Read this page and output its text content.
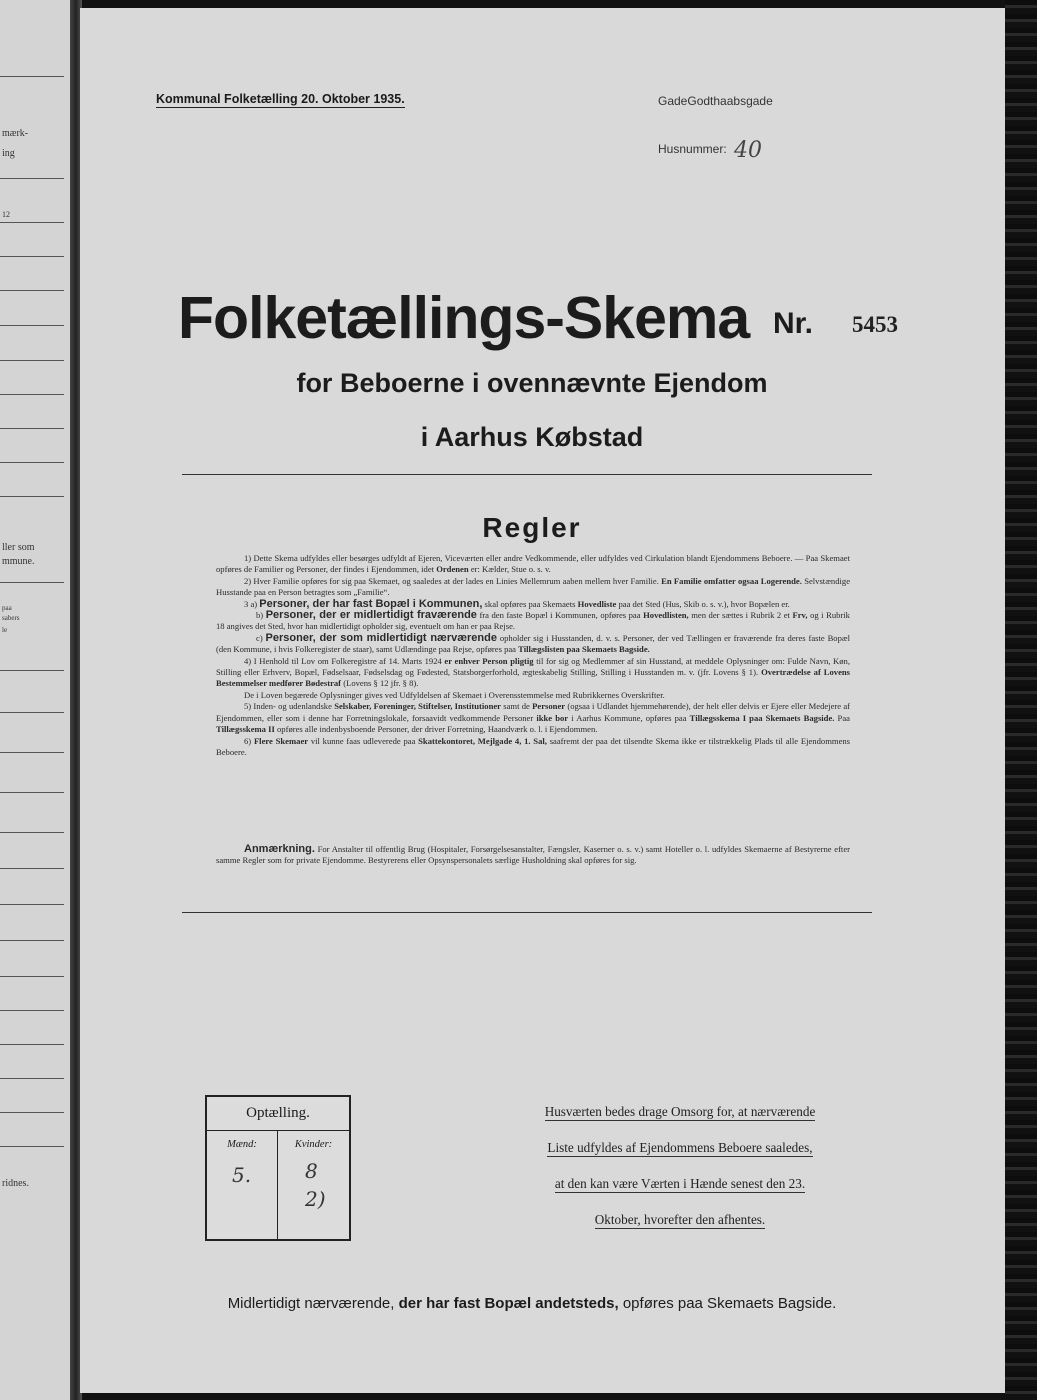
mærk-
ing
12
ller som
mmune.
paa
sabers
le
ridnes.
Kommunal Folketælling 20. Oktober 1935.	GadeGodthaabsgade
Husnummer: 40
Folketællings-Skema Nr. 5453
for Beboerne i ovennævnte Ejendom
i Aarhus Købstad
Regler

1) Dette Skema udfyldes eller besørges udfyldt af Ejeren, Viceværten eller andre Vedkommende, eller udfyldes ved Cirkulation blandt Ejendommens Beboere. — Paa Skemaet opføres de Familier og Personer, der findes i Ejendommen, idet Ordenen er: Kælder, Stue o. s. v.

2) Hver Familie opføres for sig paa Skemaet, og saaledes at der lades en Linies Mellemrum aaben mellem hver Familie. En Familie omfatter ogsaa Logerende. Selvstændige Husstande paa en Person betragtes som „Familie“.

3 a) Personer, der har fast Bopæl i Kommunen, skal opføres paa Skemaets Hovedliste paa det Sted (Hus, Skib o. s. v.), hvor Bopælen er.

b) Personer, der er midlertidigt fraværende fra den faste Bopæl i Kommunen, opføres paa Hovedlisten, men der sættes i Rubrik 2 et Frv, og i Rubrik 18 angives det Sted, hvor han midlertidigt opholder sig, eventuelt om han er paa Rejse.

c) Personer, der som midlertidigt nærværende opholder sig i Husstanden, d. v. s. Personer, der ved Tællingen er fraværende fra deres faste Bopæl (den Kommune, i hvis Folkeregister de staar), samt Udlændinge paa Rejse, opføres paa Tillægslisten paa Skemaets Bagside.

4) I Henhold til Lov om Folkeregistre af 14. Marts 1924 er enhver Person pligtig til for sig og Medlemmer af sin Husstand, at meddele Oplysninger om: Fulde Navn, Køn, Stilling eller Erhverv, Bopæl, Fødselsaar, Fødselsdag og Fødested, Statsborgerforhold, ægteskabelig Stilling, Stilling i Husstanden m. v. (jfr. Lovens § 1). Overtrædelse af Lovens Bestemmelser medfører Bødestraf (Lovens § 12 jfr. § 8).

De i Loven begærede Oplysninger gives ved Udfyldelsen af Skemaet i Overensstemmelse med Rubrikkernes Overskrifter.

5) Inden- og udenlandske Selskaber, Foreninger, Stiftelser, Institutioner samt de Personer (ogsaa i Udlandet hjemmehørende), der helt eller delvis er Ejere eller Medejere af Ejendommen, eller som i denne har Forretningslokale, forsaavidt vedkommende Personer ikke bor i Aarhus Kommune, opføres paa Tillægsskema I paa Skemaets Bagside. Paa Tillægsskema II opføres alle indenbysboende Personer, der driver Forretning, Haandværk o. l. i Ejendommen.

6) Flere Skemaer vil kunne faas udleverede paa Skattekontoret, Mejlgade 4, 1. Sal, saafremt der paa det tilsendte Skema ikke er tilstrækkelig Plads til alle Ejendommens Beboere.

Anmærkning. For Anstalter til offentlig Brug (Hospitaler, Forsørgelsesanstalter, Fængsler, Kaserner o. s. v.) samt Hoteller o. l. udfyldes Skemaerne af Bestyrerne efter samme Regler som for private Ejendomme. Bestyrerens eller Opsynspersonalets særlige Husholdning skal opføres for sig.

Optælling.
Mænd:
5.
Kvinder:
8
2)
Husværten bedes drage Omsorg for, at nærværende
Liste udfyldes af Ejendommens Beboere saaledes,
at den kan være Værten i Hænde senest den 23.
Oktober, hvorefter den afhentes.
Midlertidigt nærværende, der har fast Bopæl andetsteds, opføres paa Skemaets Bagside.
